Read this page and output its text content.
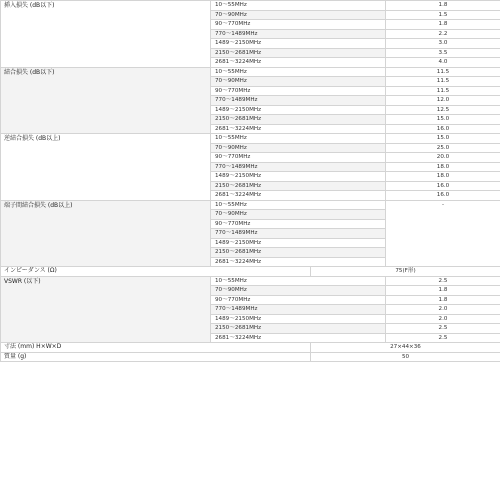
挿入損失 (dB以下)	10～55MHz		1.8
	70～90MHz		1.5
	90～770MHz		1.8
	770～1489MHz		2.2
	1489～2150MHz		3.0
	2150～2681MHz		3.5
	2681～3224MHz		4.0
結合損失 (dB以下)	10～55MHz		11.5
	70～90MHz		11.5
	90～770MHz		11.5
	770～1489MHz		12.0
	1489～2150MHz		12.5
	2150～2681MHz		15.0
	2681～3224MHz		16.0
逆結合損失 (dB以上)	10～55MHz		15.0
	70～90MHz		25.0
	90～770MHz		20.0
	770～1489MHz		18.0
	1489～2150MHz		18.0
	2150～2681MHz		16.0
	2681～3224MHz		16.0
端子間結合損失 (dB以上)	10～55MHz		-
	70～90MHz		
	90～770MHz		
	770～1489MHz		
	1489～2150MHz		
	2150～2681MHz		
	2681～3224MHz		
インピーダンス (Ω)		75(F形)	
VSWR (以下)	10～55MHz		2.5
	70～90MHz		1.8
	90～770MHz		1.8
	770～1489MHz		2.0
	1489～2150MHz		2.0
	2150～2681MHz		2.5
	2681～3224MHz		2.5
寸法 (mm) H×W×D		27×44×36	
質量 (g)		50	
